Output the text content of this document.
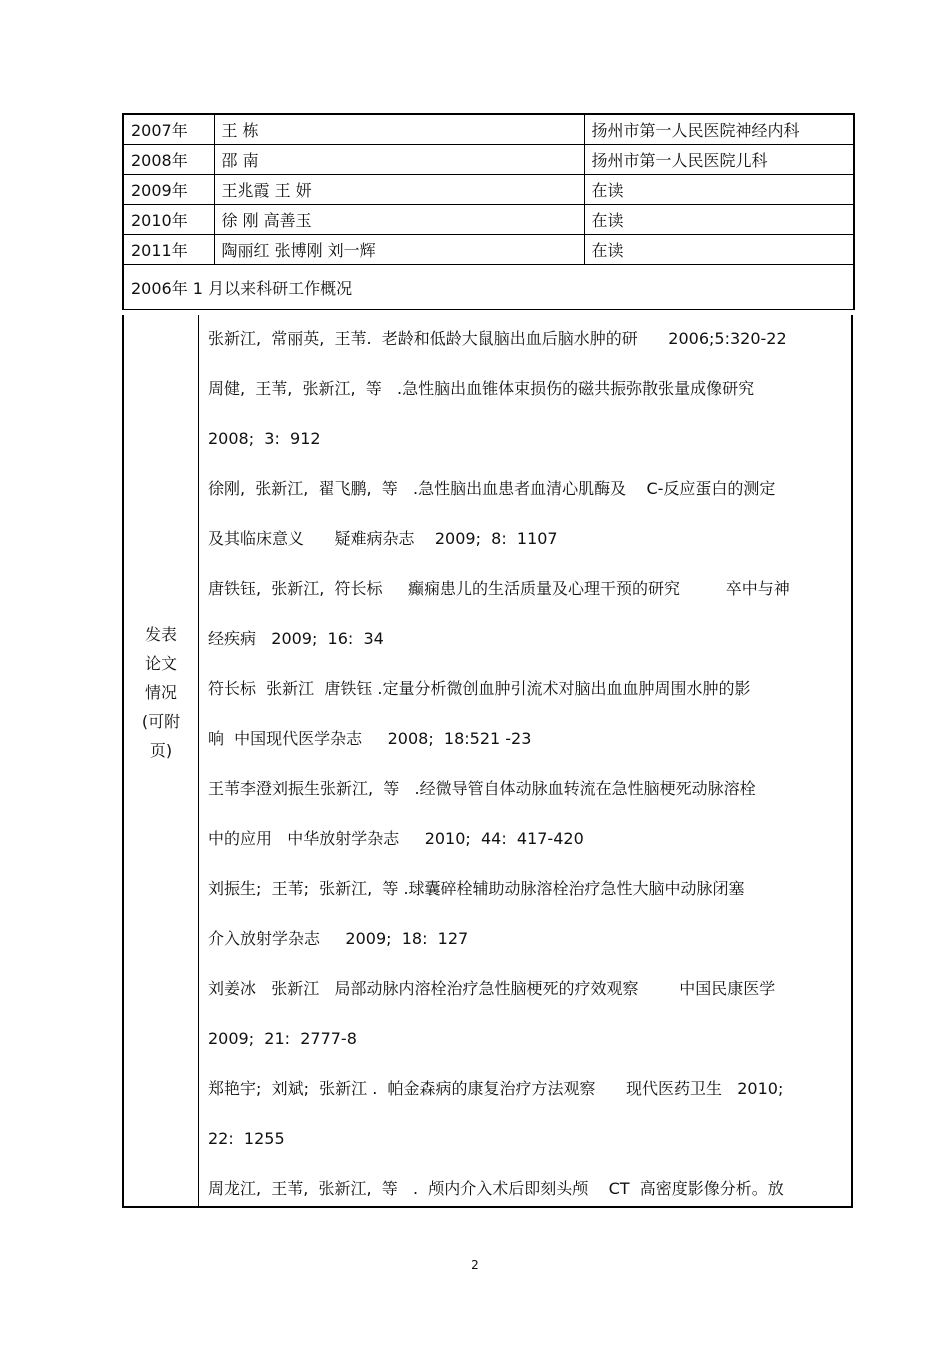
2007年	王 栋	扬州市第一人民医院神经内科
2008年	邵 南	扬州市第一人民医院儿科
2009年	王兆霞 王 妍	在读
2010年	徐 刚 高善玉	在读
2011年	陶丽红 张博刚 刘一辉	在读
2006年 1 月以来科研工作概况		
发表
论文
情况
(可附
页)
张新江,  常丽英,  王苇.  老龄和低龄大鼠脑出血后脑水肿的研      2006;5:320-22
周健,  王苇,  张新江,  等   .急性脑出血锥体束损伤的磁共振弥散张量成像研究
2008;  3:  912
徐刚,  张新江,  翟飞鹏,  等   .急性脑出血患者血清心肌酶及    C-反应蛋白的测定
及其临床意义      疑难病杂志    2009;  8:  1107
唐铁钰,  张新江,  符长标     癫痫患儿的生活质量及心理干预的研究         卒中与神
经疾病   2009;  16:  34
符长标  张新江  唐铁钰 .定量分析微创血肿引流术对脑出血血肿周围水肿的影
响  中国现代医学杂志     2008;  18:521 -23
王苇李澄刘振生张新江,  等   .经微导管自体动脉血转流在急性脑梗死动脉溶栓
中的应用   中华放射学杂志     2010;  44:  417-420
刘振生;  王苇;  张新江,  等 .球囊碎栓辅助动脉溶栓治疗急性大脑中动脉闭塞
介入放射学杂志     2009;  18:  127
刘姜冰   张新江   局部动脉内溶栓治疗急性脑梗死的疗效观察        中国民康医学
2009;  21:  2777-8
郑艳宇;  刘斌;  张新江 .  帕金森病的康复治疗方法观察      现代医药卫生   2010;
22:  1255
周龙江,  王苇,  张新江,  等   .  颅内介入术后即刻头颅    CT  高密度影像分析。放
2
